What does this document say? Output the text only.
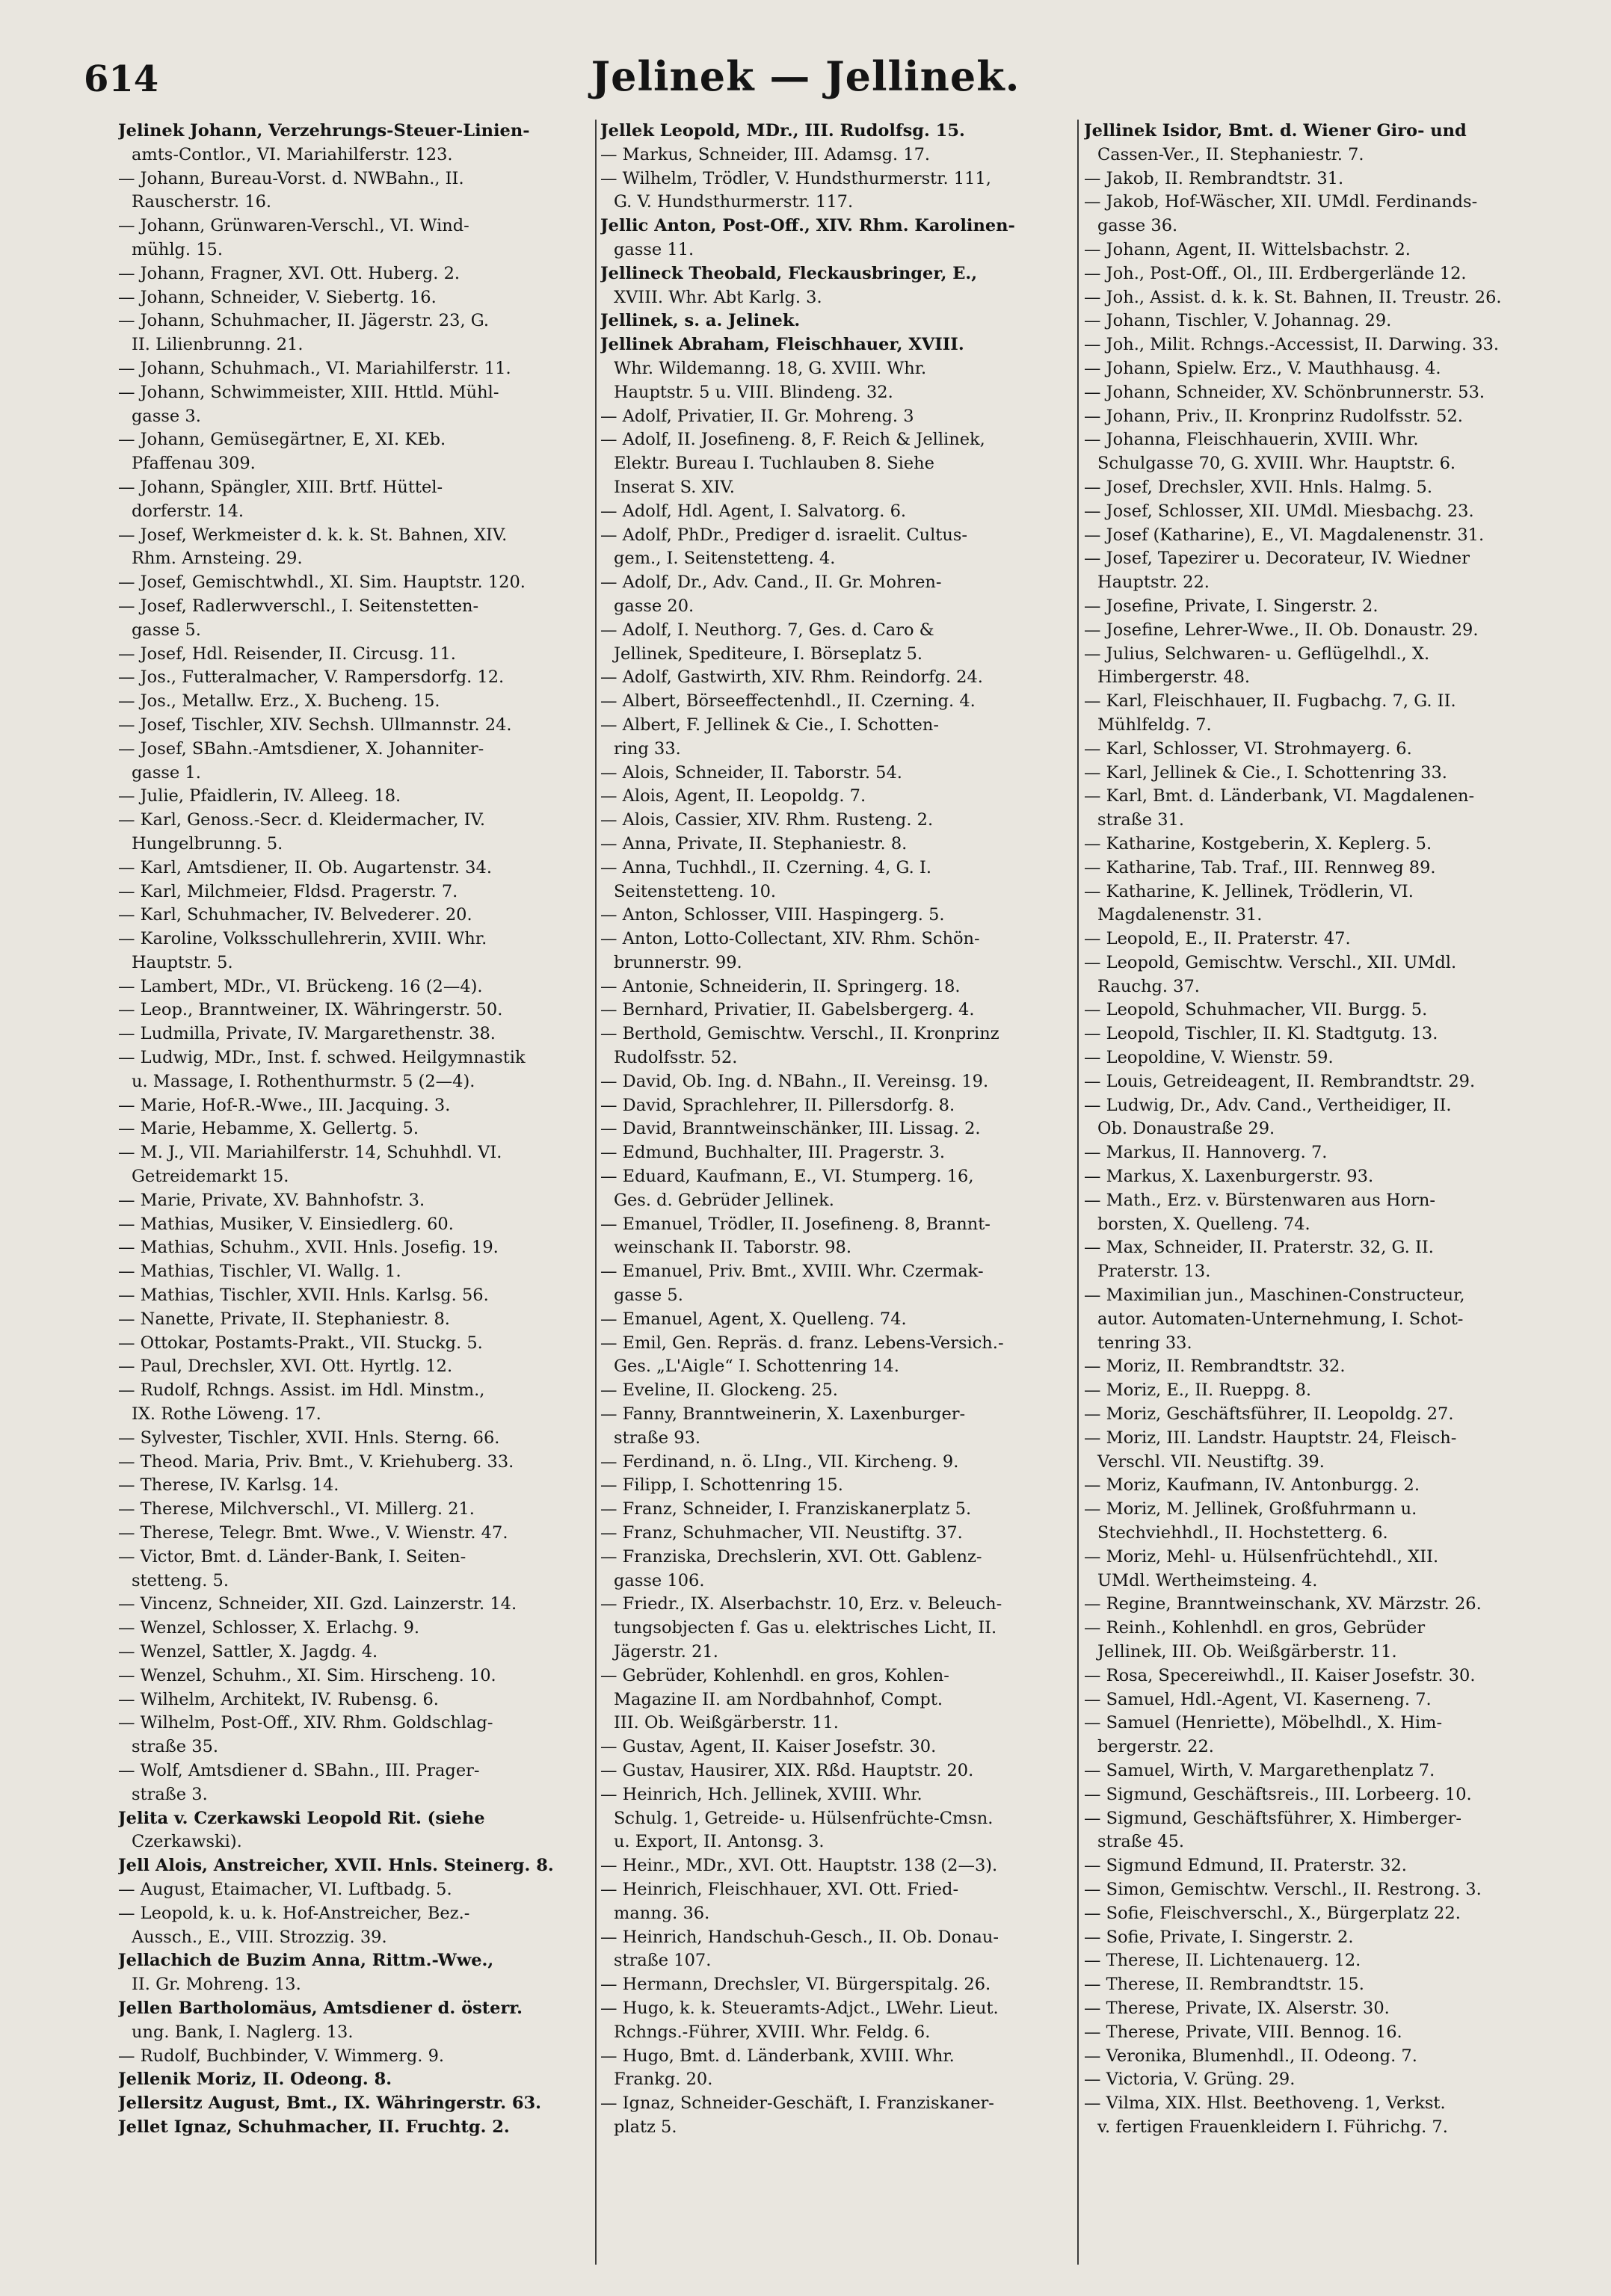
Jelinek — Jellinek.
614
Jelinek Johann, Verzehrungs-Steuer-Linien-
amts-Contlor., VI. Mariahilferstr. 123.
— Johann, Bureau-Vorst. d. NWBahn., II.
Rauscherstr. 16.
— Johann, Grünwaren-Verschl., VI. Wind-
mühlg. 15.
— Johann, Fragner, XVI. Ott. Huberg. 2.
— Johann, Schneider, V. Siebertg. 16.
— Johann, Schuhmacher, II. Jägerstr. 23, G.
II. Lilienbrunng. 21.
— Johann, Schuhmach., VI. Mariahilferstr. 11.
— Johann, Schwimmeister, XIII. Httld. Mühl-
gasse 3.
— Johann, Gemüsegärtner, E, XI. KEb.
Pfaffenau 309.
— Johann, Spängler, XIII. Brtf. Hüttel-
dorferstr. 14.
— Josef, Werkmeister d. k. k. St. Bahnen, XIV.
Rhm. Arnsteing. 29.
— Josef, Gemischtwhdl., XI. Sim. Hauptstr. 120.
— Josef, Radlerwverschl., I. Seitenstetten-
gasse 5.
— Josef, Hdl. Reisender, II. Circusg. 11.
— Jos., Futteralmacher, V. Rampersdorfg. 12.
— Jos., Metallw. Erz., X. Bucheng. 15.
— Josef, Tischler, XIV. Sechsh. Ullmannstr. 24.
— Josef, SBahn.-Amtsdiener, X. Johanniter-
gasse 1.
— Julie, Pfaidlerin, IV. Alleeg. 18.
— Karl, Genoss.-Secr. d. Kleidermacher, IV.
Hungelbrunng. 5.
— Karl, Amtsdiener, II. Ob. Augartenstr. 34.
— Karl, Milchmeier, Fldsd. Pragerstr. 7.
— Karl, Schuhmacher, IV. Belvederег. 20.
— Karoline, Volksschullehrerin, XVIII. Whr.
Hauptstr. 5.
— Lambert, MDr., VI. Brückeng. 16 (2—4).
— Leop., Branntweiner, IX. Währingerstr. 50.
— Ludmilla, Private, IV. Margarethenstr. 38.
— Ludwig, MDr., Inst. f. schwed. Heilgymnastik
u. Massage, I. Rothenthurmstr. 5 (2—4).
— Marie, Hof-R.-Wwe., III. Jacquing. 3.
— Marie, Hebamme, X. Gellertg. 5.
— M. J., VII. Mariahilferstr. 14, Schuhhdl. VI.
Getreidemarkt 15.
— Marie, Private, XV. Bahnhofstr. 3.
— Mathias, Musiker, V. Einsiedlerg. 60.
— Mathias, Schuhm., XVII. Hnls. Josefig. 19.
— Mathias, Tischler, VI. Wallg. 1.
— Mathias, Tischler, XVII. Hnls. Karlsg. 56.
— Nanette, Private, II. Stephaniestr. 8.
— Ottokar, Postamts-Prakt., VII. Stuckg. 5.
— Paul, Drechsler, XVI. Ott. Hyrtlg. 12.
— Rudolf, Rchngs. Assist. im Hdl. Minstm.,
IX. Rothe Löweng. 17.
— Sylvester, Tischler, XVII. Hnls. Sterng. 66.
— Theod. Maria, Priv. Bmt., V. Kriehuberg. 33.
— Therese, IV. Karlsg. 14.
— Therese, Milchverschl., VI. Millerg. 21.
— Therese, Telegr. Bmt. Wwe., V. Wienstr. 47.
— Victor, Bmt. d. Länder-Bank, I. Seiten-
stetteng. 5.
— Vincenz, Schneider, XII. Gzd. Lainzerstr. 14.
— Wenzel, Schlosser, X. Erlachg. 9.
— Wenzel, Sattler, X. Jagdg. 4.
— Wenzel, Schuhm., XI. Sim. Hirscheng. 10.
— Wilhelm, Architekt, IV. Rubensg. 6.
— Wilhelm, Post-Off., XIV. Rhm. Goldschlag-
straße 35.
— Wolf, Amtsdiener d. SBahn., III. Prager-
straße 3.
Jelita v. Czerkawski Leopold Rit. (siehe
Czerkawski).
Jell Alois, Anstreicher, XVII. Hnls. Steinerg. 8.
— August, Etaimacher, VI. Luftbadg. 5.
— Leopold, k. u. k. Hof-Anstreicher, Bez.-
Aussch., E., VIII. Strozzig. 39.
Jellachich de Buzim Anna, Rittm.-Wwe.,
II. Gr. Mohreng. 13.
Jellen Bartholomäus, Amtsdiener d. österr.
ung. Bank, I. Naglerg. 13.
— Rudolf, Buchbinder, V. Wimmerg. 9.
Jellenik Moriz, II. Odeong. 8.
Jellersitz August, Bmt., IX. Währingerstr. 63.
Jellet Ignaz, Schuhmacher, II. Fruchtg. 2.
Jellek Leopold, MDr., III. Rudolfsg. 15.
— Markus, Schneider, III. Adamsg. 17.
— Wilhelm, Trödler, V. Hundsthurmerstr. 111,
G. V. Hundsthurmerstr. 117.
Jellic Anton, Post-Off., XIV. Rhm. Karolinen-
gasse 11.
Jellineck Theobald, Fleckausbringer, E.,
XVIII. Whr. Abt Karlg. 3.
Jellinek, s. a. Jelinek.
Jellinek Abraham, Fleischhauer, XVIII.
Whr. Wildemanng. 18, G. XVIII. Whr.
Hauptstr. 5 u. VIII. Blindeng. 32.
— Adolf, Privatier, II. Gr. Mohreng. 3
— Adolf, II. Josefineng. 8, F. Reich & Jellinek,
Elektr. Bureau I. Tuchlauben 8. Siehe
Inserat S. XIV.
— Adolf, Hdl. Agent, I. Salvatorg. 6.
— Adolf, PhDr., Prediger d. israelit. Cultus-
gem., I. Seitenstetteng. 4.
— Adolf, Dr., Adv. Cand., II. Gr. Mohren-
gasse 20.
— Adolf, I. Neuthorg. 7, Ges. d. Caro &
Jellinek, Spediteure, I. Börseplatz 5.
— Adolf, Gastwirth, XIV. Rhm. Reindorfg. 24.
— Albert, Börseeffectenhdl., II. Czerning. 4.
— Albert, F. Jellinek & Cie., I. Schotten-
ring 33.
— Alois, Schneider, II. Taborstr. 54.
— Alois, Agent, II. Leopoldg. 7.
— Alois, Cassier, XIV. Rhm. Rusteng. 2.
— Anna, Private, II. Stephaniestr. 8.
— Anna, Tuchhdl., II. Czerning. 4, G. I.
Seitenstetteng. 10.
— Anton, Schlosser, VIII. Haspingerg. 5.
— Anton, Lotto-Collectant, XIV. Rhm. Schön-
brunnerstr. 99.
— Antonie, Schneiderin, II. Springerg. 18.
— Bernhard, Privatier, II. Gabelsbergerg. 4.
— Berthold, Gemischtw. Verschl., II. Kronprinz
Rudolfsstr. 52.
— David, Ob. Ing. d. NBahn., II. Vereinsg. 19.
— David, Sprachlehrer, II. Pillersdorfg. 8.
— David, Branntweinschänker, III. Lissag. 2.
— Edmund, Buchhalter, III. Pragerstr. 3.
— Eduard, Kaufmann, E., VI. Stumperg. 16,
Ges. d. Gebrüder Jellinek.
— Emanuel, Trödler, II. Josefineng. 8, Brannt-
weinschank II. Taborstr. 98.
— Emanuel, Priv. Bmt., XVIII. Whr. Czermak-
gasse 5.
— Emanuel, Agent, X. Quelleng. 74.
— Emil, Gen. Repräs. d. franz. Lebens-Versich.-
Ges. „L'Aigle“ I. Schottenring 14.
— Eveline, II. Glockeng. 25.
— Fanny, Branntweinerin, X. Laxenburger-
straße 93.
— Ferdinand, n. ö. LIng., VII. Kircheng. 9.
— Filipp, I. Schottenring 15.
— Franz, Schneider, I. Franziskanerplatz 5.
— Franz, Schuhmacher, VII. Neustiftg. 37.
— Franziska, Drechslerin, XVI. Ott. Gablenz-
gasse 106.
— Friedr., IX. Alserbachstr. 10, Erz. v. Beleuch-
tungsobjecten f. Gas u. elektrisches Licht, II.
Jägerstr. 21.
— Gebrüder, Kohlenhdl. en gros, Kohlen-
Magazine II. am Nordbahnhof, Compt.
III. Ob. Weißgärberstr. 11.
— Gustav, Agent, II. Kaiser Josefstr. 30.
— Gustav, Hausirer, XIX. Rßd. Hauptstr. 20.
— Heinrich, Hch. Jellinek, XVIII. Whr.
Schulg. 1, Getreide- u. Hülsenfrüchte-Cmsn.
u. Export, II. Antonsg. 3.
— Heinr., MDr., XVI. Ott. Hauptstr. 138 (2—3).
— Heinrich, Fleischhauer, XVI. Ott. Fried-
manng. 36.
— Heinrich, Handschuh-Gesch., II. Ob. Donau-
straße 107.
— Hermann, Drechsler, VI. Bürgerspitalg. 26.
— Hugo, k. k. Steueramts-Adjct., LWehr. Lieut.
Rchngs.-Führer, XVIII. Whr. Feldg. 6.
— Hugo, Bmt. d. Länderbank, XVIII. Whr.
Frankg. 20.
— Ignaz, Schneider-Geschäft, I. Franziskaner-
platz 5.
Jellinek Isidor, Bmt. d. Wiener Giro- und
Cassen-Ver., II. Stephaniestr. 7.
— Jakob, II. Rembrandtstr. 31.
— Jakob, Hof-Wäscher, XII. UMdl. Ferdinands-
gasse 36.
— Johann, Agent, II. Wittelsbachstr. 2.
— Joh., Post-Off., Ol., III. Erdbergerlände 12.
— Joh., Assist. d. k. k. St. Bahnen, II. Treustr. 26.
— Johann, Tischler, V. Johannag. 29.
— Joh., Milit. Rchngs.-Accessist, II. Darwing. 33.
— Johann, Spielw. Erz., V. Mauthhausg. 4.
— Johann, Schneider, XV. Schönbrunnerstr. 53.
— Johann, Priv., II. Kronprinz Rudolfsstr. 52.
— Johanna, Fleischhauerin, XVIII. Whr.
Schulgasse 70, G. XVIII. Whr. Hauptstr. 6.
— Josef, Drechsler, XVII. Hnls. Halmg. 5.
— Josef, Schlosser, XII. UMdl. Miesbachg. 23.
— Josef (Katharine), E., VI. Magdalenenstr. 31.
— Josef, Tapezirer u. Decorateur, IV. Wiedner
Hauptstr. 22.
— Josefine, Private, I. Singerstr. 2.
— Josefine, Lehrer-Wwe., II. Ob. Donaustr. 29.
— Julius, Selchwaren- u. Geflügelhdl., X.
Himbergerstr. 48.
— Karl, Fleischhauer, II. Fugbachg. 7, G. II.
Mühlfeldg. 7.
— Karl, Schlosser, VI. Strohmayerg. 6.
— Karl, Jellinek & Cie., I. Schottenring 33.
— Karl, Bmt. d. Länderbank, VI. Magdalenen-
straße 31.
— Katharine, Kostgeberin, X. Keplerg. 5.
— Katharine, Tab. Traf., III. Rennweg 89.
— Katharine, K. Jellinek, Trödlerin, VI.
Magdalenenstr. 31.
— Leopold, E., II. Praterstr. 47.
— Leopold, Gemischtw. Verschl., XII. UMdl.
Rauchg. 37.
— Leopold, Schuhmacher, VII. Burgg. 5.
— Leopold, Tischler, II. Kl. Stadtgutg. 13.
— Leopoldine, V. Wienstr. 59.
— Louis, Getreideagent, II. Rembrandtstr. 29.
— Ludwig, Dr., Adv. Cand., Vertheidiger, II.
Ob. Donaustraße 29.
— Markus, II. Hannoverg. 7.
— Markus, X. Laxenburgerstr. 93.
— Math., Erz. v. Bürstenwaren aus Horn-
borsten, X. Quelleng. 74.
— Max, Schneider, II. Praterstr. 32, G. II.
Praterstr. 13.
— Maximilian jun., Maschinen-Constructeur,
autor. Automaten-Unternehmung, I. Schot-
tenring 33.
— Moriz, II. Rembrandtstr. 32.
— Moriz, E., II. Rueppg. 8.
— Moriz, Geschäftsführer, II. Leopoldg. 27.
— Moriz, III. Landstr. Hauptstr. 24, Fleisch-
Verschl. VII. Neustiftg. 39.
— Moriz, Kaufmann, IV. Antonburgg. 2.
— Moriz, M. Jellinek, Großfuhrmann u.
Stechviehhdl., II. Hochstetterg. 6.
— Moriz, Mehl- u. Hülsenfrüchtehdl., XII.
UMdl. Wertheimsteing. 4.
— Regine, Branntweinschank, XV. Märzstr. 26.
— Reinh., Kohlenhdl. en gros, Gebrüder
Jellinek, III. Ob. Weißgärberstr. 11.
— Rosa, Specereiwhdl., II. Kaiser Josefstr. 30.
— Samuel, Hdl.-Agent, VI. Kaserneng. 7.
— Samuel (Henriette), Möbelhdl., X. Him-
bergerstr. 22.
— Samuel, Wirth, V. Margarethenplatz 7.
— Sigmund, Geschäftsreis., III. Lorbeerg. 10.
— Sigmund, Geschäftsführer, X. Himberger-
straße 45.
— Sigmund Edmund, II. Praterstr. 32.
— Simon, Gemischtw. Verschl., II. Restrong. 3.
— Sofie, Fleischverschl., X., Bürgerplatz 22.
— Sofie, Private, I. Singerstr. 2.
— Therese, II. Lichtenauerg. 12.
— Therese, II. Rembrandtstr. 15.
— Therese, Private, IX. Alserstr. 30.
— Therese, Private, VIII. Bennog. 16.
— Veronika, Blumenhdl., II. Odeong. 7.
— Victoria, V. Grüng. 29.
— Vilma, XIX. Hlst. Beethoveng. 1, Verkst.
v. fertigen Frauenkleidern I. Führichg. 7.
